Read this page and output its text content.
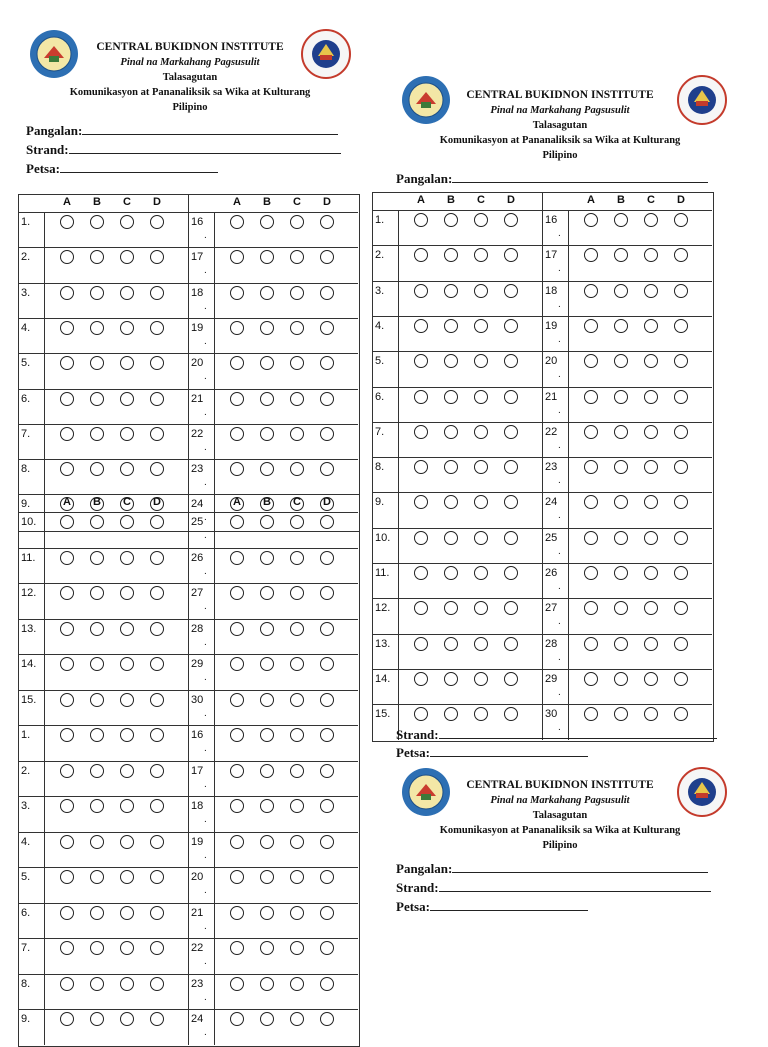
CENTRAL BUKIDNON INSTITUTE
Pinal na Markahang Pagsusulit
Talasagutan
Komunikasyon at Pananaliksik sa Wika at Kulturang
Pilipino
Pangalan:
Strand:
Petsa:
A B C D
1.
2.
3.
4.
5.
6.
7.
8.
9.
A B C D
16
.
17
.
18
.
19
.
20
.
21
.
22
.
23
.
24
.
A B C D
10.
11.
12.
13.
14.
15.
1.
2.
3.
4.
5.
6.
7.
8.
9.
A B C D
25
.
26
.
27
.
28
.
29
.
30
.
16
.
17
.
18
.
19
.
20
.
21
.
22
.
23
.
24
.
CENTRAL BUKIDNON INSTITUTE
Pinal na Markahang Pagsusulit
Talasagutan
Komunikasyon at Pananaliksik sa Wika at Kulturang
Pilipino
Pangalan:
A B C D
1.
2.
3.
4.
5.
6.
7.
8.
9.
10.
11.
12.
13.
14.
15.
A B C D
16
.
17
.
18
.
19
.
20
.
21
.
22
.
23
.
24
.
25
.
26
.
27
.
28
.
29
.
30
.
Strand:
Petsa:
CENTRAL BUKIDNON INSTITUTE
Pinal na Markahang Pagsusulit
Talasagutan
Komunikasyon at Pananaliksik sa Wika at Kulturang
Pilipino
Pangalan:
Strand:
Petsa:
